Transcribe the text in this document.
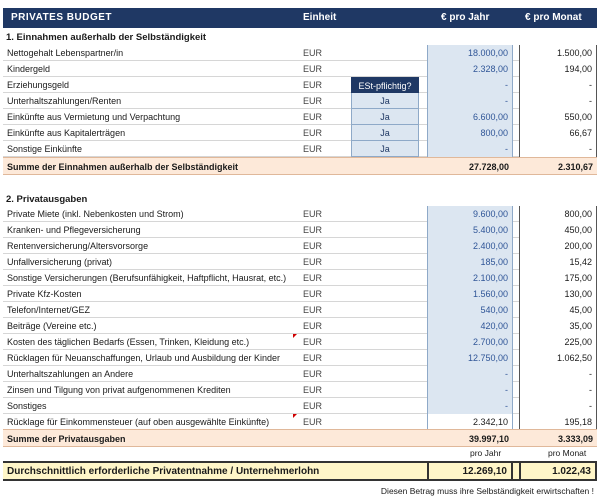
PRIVATES BUDGET	Einheit	€ pro Jahr	€ pro Monat
1. Einnahmen außerhalb der Selbständigkeit
Nettogehalt Lebenspartner/in	EUR	18.000,00	1.500,00
Kindergeld	EUR	2.328,00	194,00
Erziehungsgeld	EUR	ESt-pflichtig?	-	-
Unterhaltszahlungen/Renten	EUR	Ja	-	-
Einkünfte aus Vermietung und Verpachtung	EUR	Ja	6.600,00	550,00
Einkünfte aus Kapitalerträgen	EUR	Ja	800,00	66,67
Sonstige Einkünfte	EUR	Ja	-	-
Summe der Einnahmen außerhalb der Selbständigkeit	27.728,00	2.310,67
2. Privatausgaben
Private Miete (inkl. Nebenkosten und Strom)	EUR	9.600,00	800,00
Kranken- und Pflegeversicherung	EUR	5.400,00	450,00
Rentenversicherung/Altersvorsorge	EUR	2.400,00	200,00
Unfallversicherung (privat)	EUR	185,00	15,42
Sonstige Versicherungen (Berufsunfähigkeit, Haftpflicht, Hausrat, etc.) EUR	2.100,00	175,00
Private Kfz-Kosten	EUR	1.560,00	130,00
Telefon/Internet/GEZ	EUR	540,00	45,00
Beiträge (Vereine etc.)	EUR	420,00	35,00
Kosten des täglichen Bedarfs (Essen, Trinken, Kleidung etc.)	EUR	2.700,00	225,00
Rücklagen für Neuanschaffungen, Urlaub und Ausbildung der Kinder	EUR	12.750,00	1.062,50
Unterhaltszahlungen an Andere	EUR	-	-
Zinsen und Tilgung von privat aufgenommenen Krediten	EUR	-	-
Sonstiges	EUR	-	-
Rücklage für Einkommensteuer (auf oben ausgewählte Einkünfte)	EUR	2.342,10	195,18
Summe der Privatausgaben	39.997,10	3.333,09
pro Jahr	pro Monat
Durchschnittlich erforderliche Privatentnahme / Unternehmerlohn	12.269,10	1.022,43
Diesen Betrag muss ihre Selbständigkeit erwirtschaften !
